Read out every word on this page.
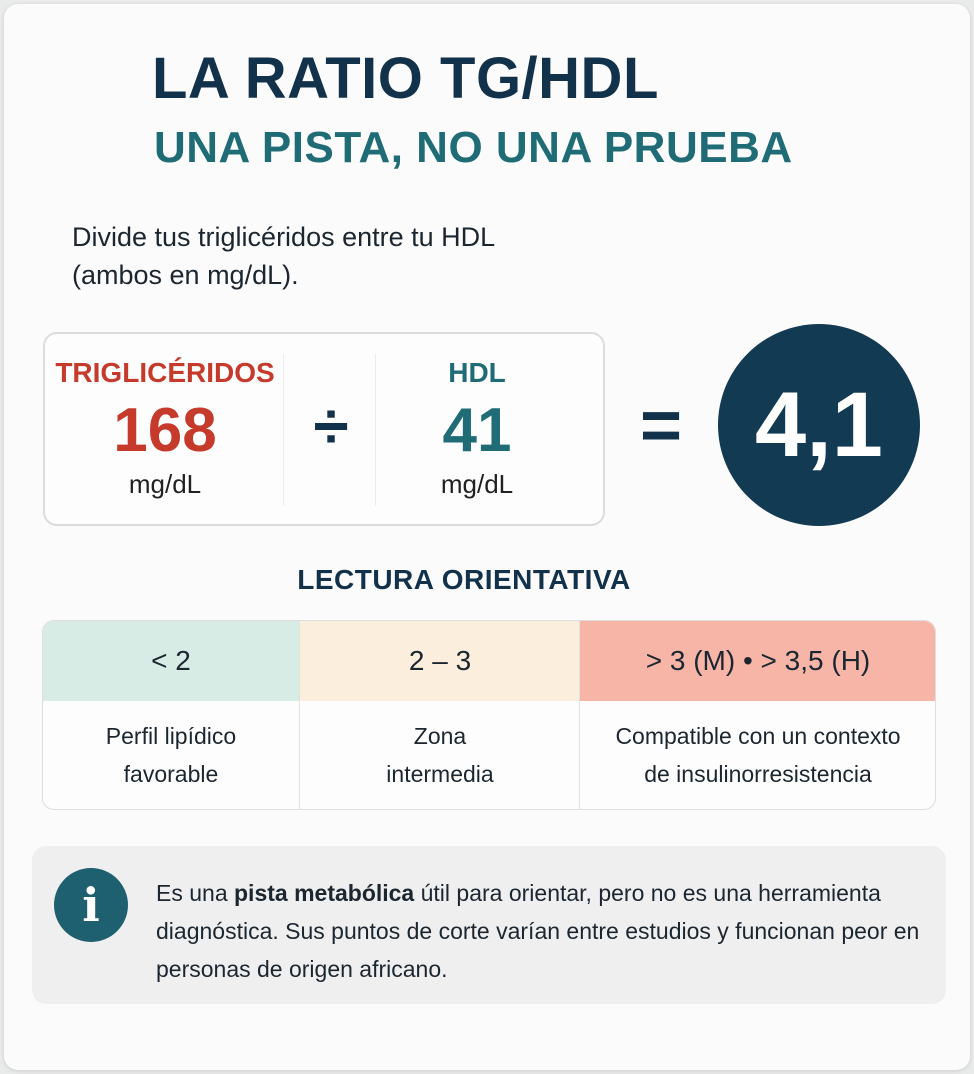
LA RATIO TG/HDL
UNA PISTA, NO UNA PRUEBA

Divide tus triglicéridos entre tu HDL
(ambos en mg/dL).

TRIGLICÉRIDOS
168
mg/dL
÷
HDL
41
mg/dL
= 4,1
LECTURA ORIENTATIVA
< 2
Perfil lipídico
favorable
2 – 3
Zona
intermedia
> 3 (M) • > 3,5 (H)
Compatible con un contexto
de insulinorresistencia
i	Es una pista metabólica útil para orientar, pero no es una herramienta diagnóstica. Sus puntos de corte varían entre estudios y funcionan peor en personas de origen africano.
